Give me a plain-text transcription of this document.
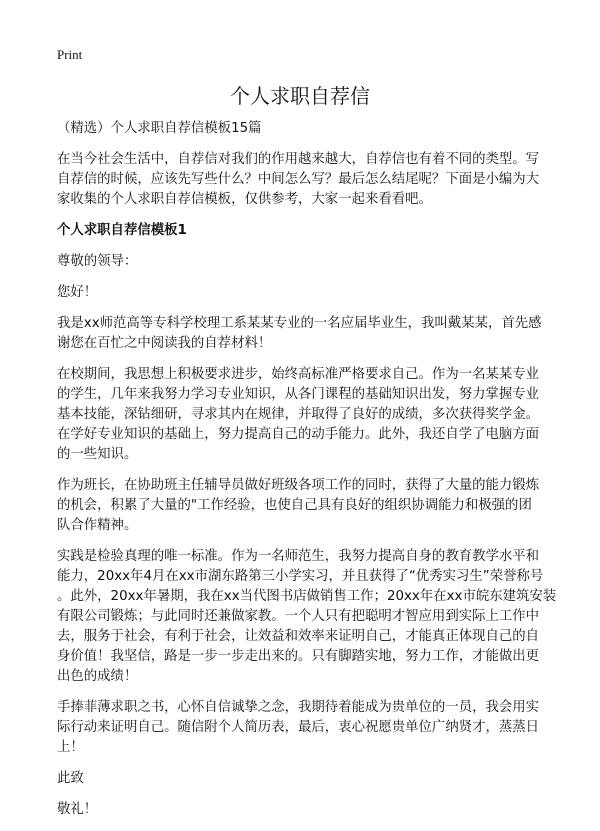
Print
个人求职自荐信
（精选）个人求职自荐信模板15篇
在当今社会生活中，自荐信对我们的作用越来越大，自荐信也有着不同的类型。写
自荐信的时候，应该先写些什么？中间怎么写？最后怎么结尾呢？下面是小编为大
家收集的个人求职自荐信模板，仅供参考，大家一起来看看吧。
个人求职自荐信模板1
尊敬的领导：
您好！
我是xx师范高等专科学校理工系某某专业的一名应届毕业生，我叫戴某某，首先感
谢您在百忙之中阅读我的自荐材料！
在校期间，我思想上积极要求进步，始终高标准严格要求自己。作为一名某某专业
的学生，几年来我努力学习专业知识，从各门课程的基础知识出发，努力掌握专业
基本技能，深钻细研，寻求其内在规律，并取得了良好的成绩，多次获得奖学金。
在学好专业知识的基础上，努力提高自己的动手能力。此外，我还自学了电脑方面
的一些知识。
作为班长，在协助班主任辅导员做好班级各项工作的同时，获得了大量的能力锻炼
的机会，积累了大量的"工作经验，也使自己具有良好的组织协调能力和极强的团
队合作精神。
实践是检验真理的唯一标准。作为一名师范生，我努力提高自身的教育教学水平和
能力，20xx年4月在xx市湖东路第三小学实习，并且获得了“优秀实习生”荣誉称号
。此外，20xx年暑期，我在xx当代图书店做销售工作；20xx年在xx市皖东建筑安装
有限公司锻炼；与此同时还兼做家教。一个人只有把聪明才智应用到实际上工作中
去，服务于社会，有利于社会，让效益和效率来证明自己，才能真正体现自己的自
身价值！我坚信，路是一步一步走出来的。只有脚踏实地，努力工作，才能做出更
出色的成绩！
手捧菲薄求职之书，心怀自信诚挚之念，我期待着能成为贵单位的一员，我会用实
际行动来证明自己。随信附个人简历表，最后，衷心祝愿贵单位广纳贤才，蒸蒸日
上！
此致
敬礼！
